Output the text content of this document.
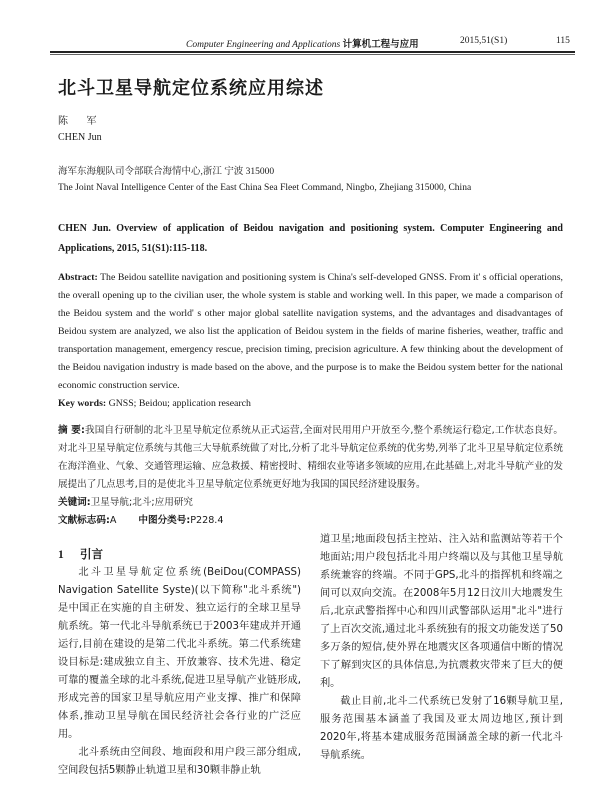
Computer Engineering and Applications 计算机工程与应用	2015,51(S1)	115
北斗卫星导航定位系统应用综述
陈 军
CHEN Jun
海军东海舰队司令部联合海情中心,浙江 宁波 315000
The Joint Naval Intelligence Center of the East China Sea Fleet Command, Ningbo, Zhejiang 315000, China
CHEN Jun. Overview of application of Beidou navigation and positioning system. Computer Engineering and Applications, 2015, 51(S1):115-118.
Abstract: The Beidou satellite navigation and positioning system is China's self-developed GNSS. From it' s official operations, the overall opening up to the civilian user, the whole system is stable and working well. In this paper, we made a comparison of the Beidou system and the world' s other major global satellite navigation systems, and the advantages and disadvantages of Beidou system are analyzed, we also list the application of Beidou system in the fields of marine fisheries, weather, traffic and transportation management, emergency rescue, precision timing, precision agriculture. A few thinking about the development of the Beidou navigation industry is made based on the above, and the purpose is to make the Beidou system better for the national economic construction service.
Key words: GNSS; Beidou; application research
摘 要:我国自行研制的北斗卫星导航定位系统从正式运营,全面对民用用户开放至今,整个系统运行稳定,工作状态良好。对北斗卫星导航定位系统与其他三大导航系统做了对比,分析了北斗导航定位系统的优劣势,列举了北斗卫星导航定位系统在海洋渔业、气象、交通管理运输、应急救援、精密授时、精细农业等诸多领域的应用,在此基础上,对北斗导航产业的发展提出了几点思考,目的是使北斗卫星导航定位系统更好地为我国的国民经济建设服务。
关键词:卫星导航;北斗;应用研究
文献标志码:A 中图分类号:P228.4
1 引言

北斗卫星导航定位系统(BeiDou(COMPASS) Navigation Satellite Syste)(以下简称"北斗系统")是中国正在实施的自主研发、独立运行的全球卫星导航系统。第一代北斗导航系统已于2003年建成并开通运行,目前在建设的是第二代北斗系统。第二代系统建设目标是:建成独立自主、开放兼容、技术先进、稳定可靠的覆盖全球的北斗系统,促进卫星导航产业链形成,形成完善的国家卫星导航应用产业支撑、推广和保障体系,推动卫星导航在国民经济社会各行业的广泛应用。

北斗系统由空间段、地面段和用户段三部分组成,空间段包括5颗静止轨道卫星和30颗非静止轨

道卫星;地面段包括主控站、注入站和监测站等若干个地面站;用户段包括北斗用户终端以及与其他卫星导航系统兼容的终端。不同于GPS,北斗的指挥机和终端之间可以双向交流。在2008年5月12日汶川大地震发生后,北京武警指挥中心和四川武警部队运用"北斗"进行了上百次交流,通过北斗系统独有的报文功能发送了50多万条的短信,使外界在地震灾区各项通信中断的情况下了解到灾区的具体信息,为抗震救灾带来了巨大的便利。

截止目前,北斗二代系统已发射了16颗导航卫星,服务范围基本涵盖了我国及亚太周边地区,预计到2020年,将基本建成服务范围涵盖全球的新一代北斗导航系统。
